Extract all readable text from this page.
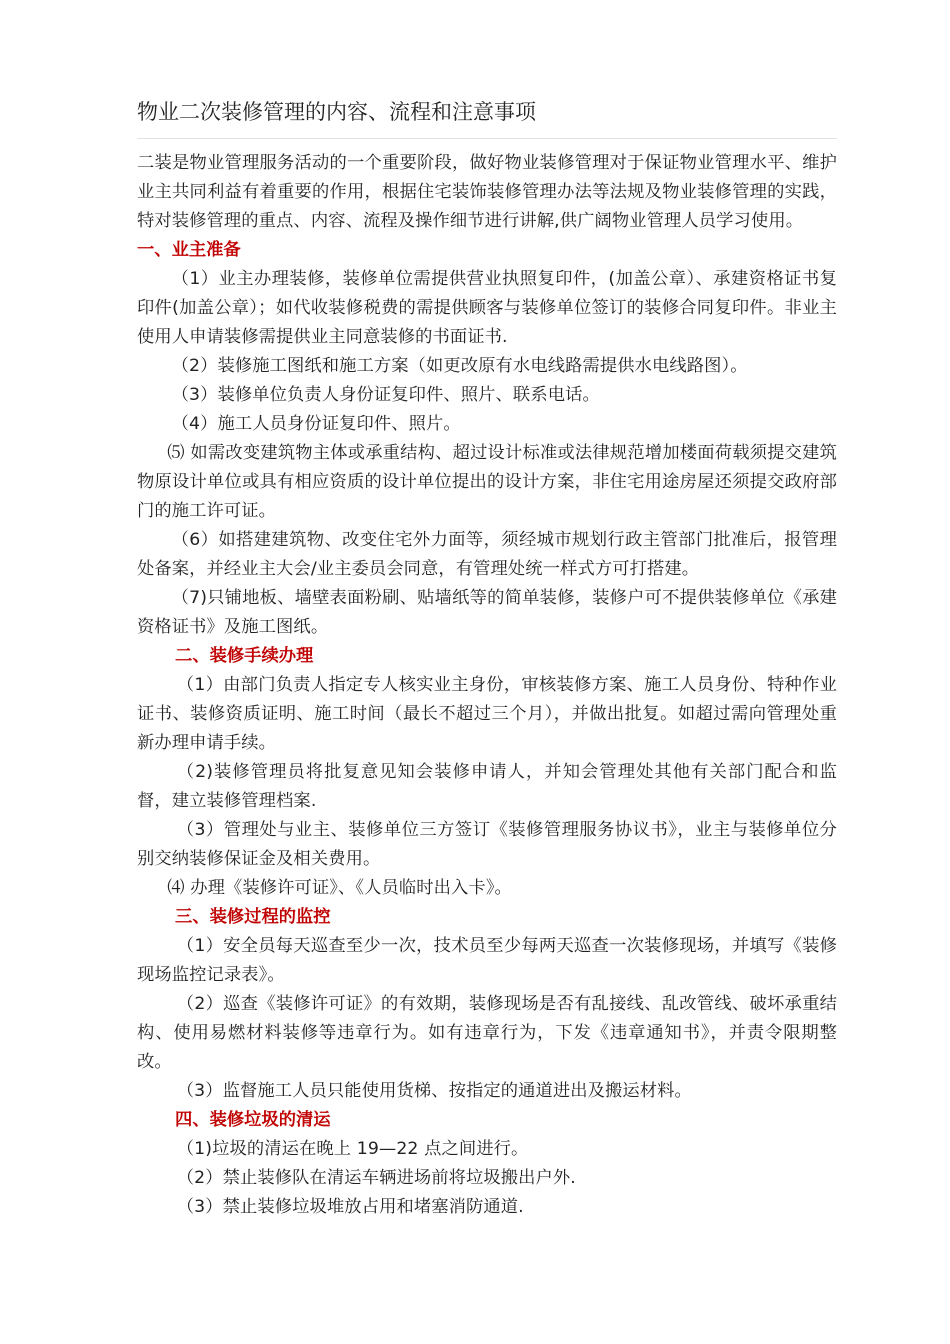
物业二次装修管理的内容、流程和注意事项

二装是物业管理服务活动的一个重要阶段，做好物业装修管理对于保证物业管理水平、维护业主共同利益有着重要的作用，根据住宅装饰装修管理办法等法规及物业装修管理的实践，特对装修管理的重点、内容、流程及操作细节进行讲解,供广阔物业管理人员学习使用。

一、业主准备

（1）业主办理装修，装修单位需提供营业执照复印件，(加盖公章）、承建资格证书复印件(加盖公章）；如代收装修税费的需提供顾客与装修单位签订的装修合同复印件。非业主使用人申请装修需提供业主同意装修的书面证书.

（2）装修施工图纸和施工方案（如更改原有水电线路需提供水电线路图）。

（3）装修单位负责人身份证复印件、照片、联系电话。

（4）施工人员身份证复印件、照片。

⑸ 如需改变建筑物主体或承重结构、超过设计标准或法律规范增加楼面荷载须提交建筑物原设计单位或具有相应资质的设计单位提出的设计方案，非住宅用途房屋还须提交政府部门的施工许可证。

（6）如搭建建筑物、改变住宅外力面等，须经城市规划行政主管部门批准后，报管理处备案，并经业主大会/业主委员会同意，有管理处统一样式方可打搭建。

（7)只铺地板、墙壁表面粉刷、贴墙纸等的简单装修，装修户可不提供装修单位《承建资格证书》及施工图纸。

二、装修手续办理

（1）由部门负责人指定专人核实业主身份，审核装修方案、施工人员身份、特种作业证书、装修资质证明、施工时间（最长不超过三个月），并做出批复。如超过需向管理处重新办理申请手续。

（2)装修管理员将批复意见知会装修申请人，并知会管理处其他有关部门配合和监督，建立装修管理档案.

（3）管理处与业主、装修单位三方签订《装修管理服务协议书》，业主与装修单位分别交纳装修保证金及相关费用。

⑷ 办理《装修许可证》、《人员临时出入卡》。

三、装修过程的监控

（1）安全员每天巡查至少一次，技术员至少每两天巡查一次装修现场，并填写《装修现场监控记录表》。

（2）巡查《装修许可证》的有效期，装修现场是否有乱接线、乱改管线、破坏承重结构、使用易燃材料装修等违章行为。如有违章行为，下发《违章通知书》，并责令限期整改。

（3）监督施工人员只能使用货梯、按指定的通道进出及搬运材料。

四、装修垃圾的清运

（1)垃圾的清运在晚上 19—22 点之间进行。

（2）禁止装修队在清运车辆进场前将垃圾搬出户外.

（3）禁止装修垃圾堆放占用和堵塞消防通道.
